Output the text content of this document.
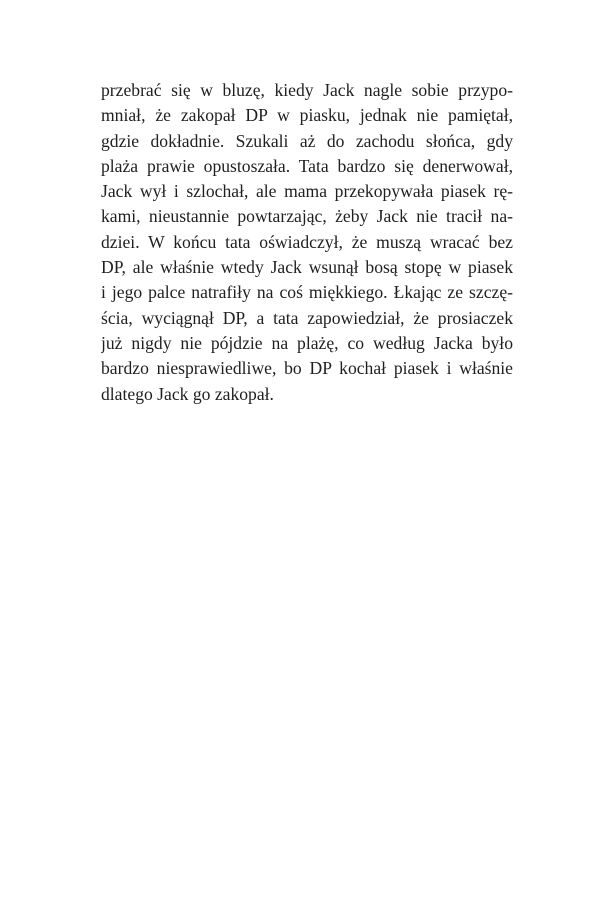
przebrać się w bluzę, kiedy Jack nagle sobie przypo-
mniał, że zakopał DP w piasku, jednak nie pamiętał,
gdzie dokładnie. Szukali aż do zachodu słońca, gdy
plaża prawie opustoszała. Tata bardzo się denerwował,
Jack wył i szlochał, ale mama przekopywała piasek rę-
kami, nieustannie powtarzając, żeby Jack nie tracił na-
dziei. W końcu tata oświadczył, że muszą wracać bez
DP, ale właśnie wtedy Jack wsunął bosą stopę w piasek
i jego palce natrafiły na coś miękkiego. Łkając ze szczę-
ścia, wyciągnął DP, a tata zapowiedział, że prosiaczek
już nigdy nie pójdzie na plażę, co według Jacka było
bardzo niesprawiedliwe, bo DP kochał piasek i właśnie
dlatego Jack go zakopał.
